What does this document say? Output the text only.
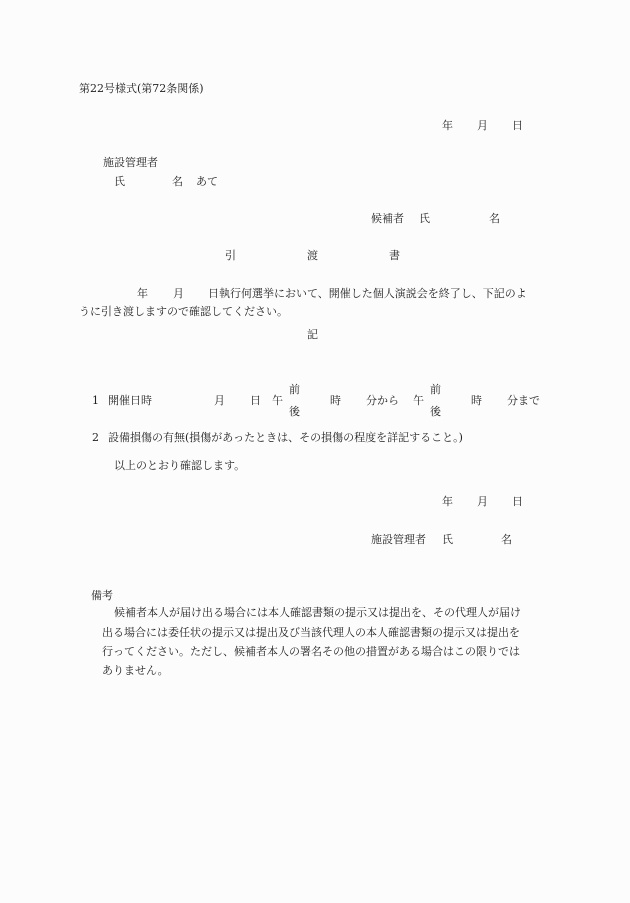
第22号様式(第72条関係)
年 月 日
施設管理者
氏	名 あて
候補者 氏	名
引	渡	書
年 月 日執行何選挙において、開催した個人演説会を終了し、下記のよ
うに引き渡しますので確認してください。
記
1 開催日時	月 日 午
前
後
時 分から 午
前
後
時 分まで
2 設備損傷の有無(損傷があったときは、その損傷の程度を詳記すること。)
以上のとおり確認します。
年 月 日
施設管理者 氏	名
備考
候補者本人が届け出る場合には本人確認書類の提示又は提出を、その代理人が届け
出る場合には委任状の提示又は提出及び当該代理人の本人確認書類の提示又は提出を
行ってください。ただし、候補者本人の署名その他の措置がある場合はこの限りでは
ありません。
